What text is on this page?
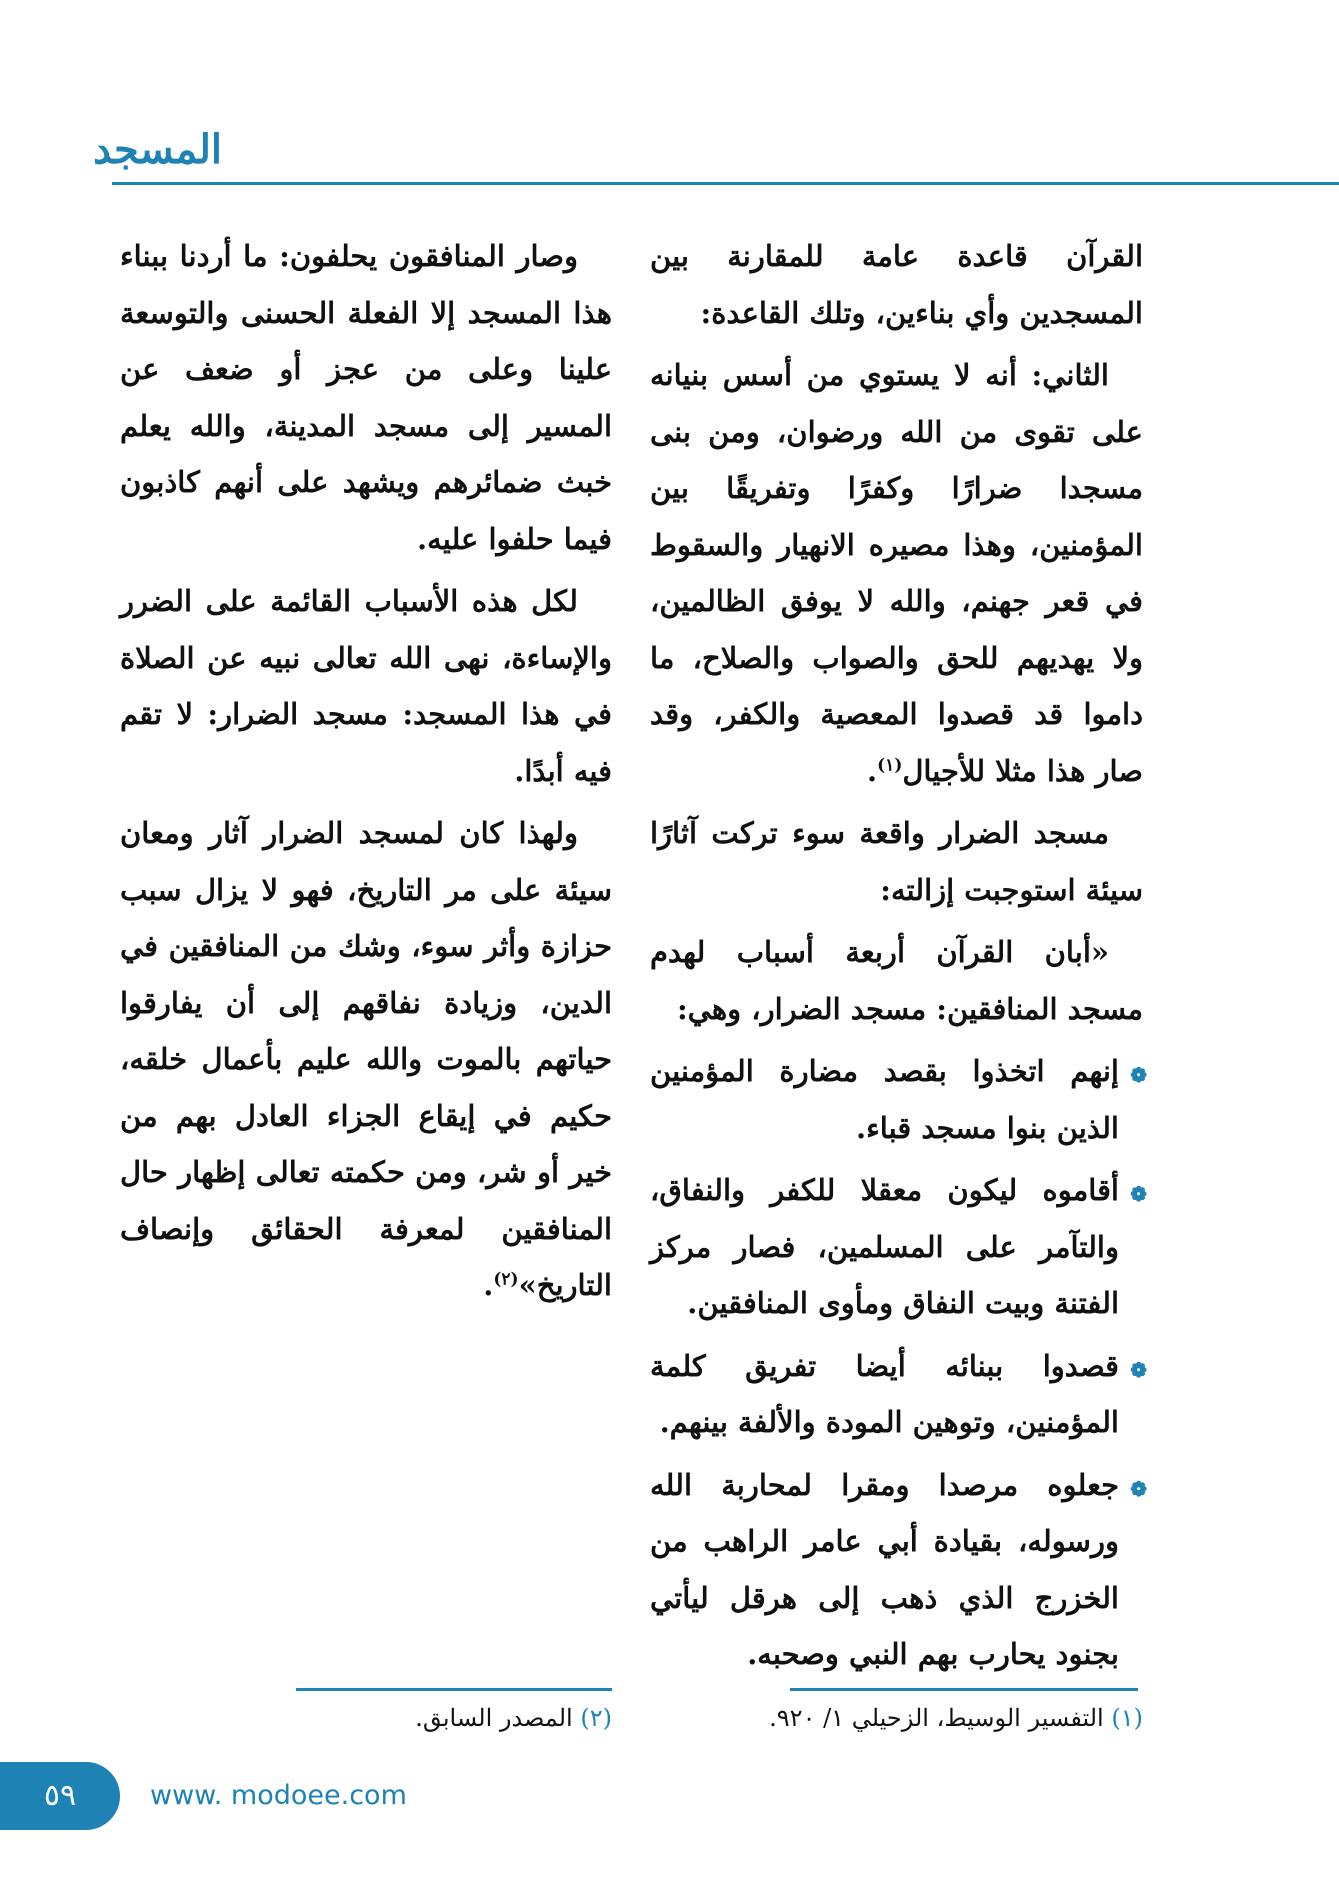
المسجد

القرآن قاعدة عامة للمقارنة بين المسجدين وأي بناءين، وتلك القاعدة:

الثاني: أنه لا يستوي من أسس بنيانه على تقوى من الله ورضوان، ومن بنى مسجدا ضرارًا وكفرًا وتفريقًا بين المؤمنين، وهذا مصيره الانهيار والسقوط في قعر جهنم، والله لا يوفق الظالمين، ولا يهديهم للحق والصواب والصلاح، ما داموا قد قصدوا المعصية والكفر، وقد صار هذا مثلا للأجيال$^{(١)}$.

مسجد الضرار واقعة سوء تركت آثارًا سيئة استوجبت إزالته:

«أبان القرآن أربعة أسباب لهدم مسجد المنافقين: مسجد الضرار، وهي:

❁
إنهم اتخذوا بقصد مضارة المؤمنين الذين بنوا مسجد قباء.
❁
أقاموه ليكون معقلا للكفر والنفاق، والتآمر على المسلمين، فصار مركز الفتنة وبيت النفاق ومأوى المنافقين.
❁
قصدوا ببنائه أيضا تفريق كلمة المؤمنين، وتوهين المودة والألفة بينهم.
❁
جعلوه مرصدا ومقرا لمحاربة الله ورسوله، بقيادة أبي عامر الراهب من الخزرج الذي ذهب إلى هرقل ليأتي بجنود يحارب بهم النبي وصحبه.

وصار المنافقون يحلفون: ما أردنا ببناء هذا المسجد إلا الفعلة الحسنى والتوسعة علينا وعلى من عجز أو ضعف عن المسير إلى مسجد المدينة، والله يعلم خبث ضمائرهم ويشهد على أنهم كاذبون فيما حلفوا عليه.

لكل هذه الأسباب القائمة على الضرر والإساءة، نهى الله تعالى نبيه عن الصلاة في هذا المسجد: مسجد الضرار: لا تقم فيه أبدًا.

ولهذا كان لمسجد الضرار آثار ومعان سيئة على مر التاريخ، فهو لا يزال سبب حزازة وأثر سوء، وشك من المنافقين في الدين، وزيادة نفاقهم إلى أن يفارقوا حياتهم بالموت والله عليم بأعمال خلقه، حكيم في إيقاع الجزاء العادل بهم من خير أو شر، ومن حكمته تعالى إظهار حال المنافقين لمعرفة الحقائق وإنصاف التاريخ»$^{(٢)}$.

(١) التفسير الوسيط، الزحيلي ١/ ٩٢٠.
(٢) المصدر السابق.
٥٩	www. modoee.com
